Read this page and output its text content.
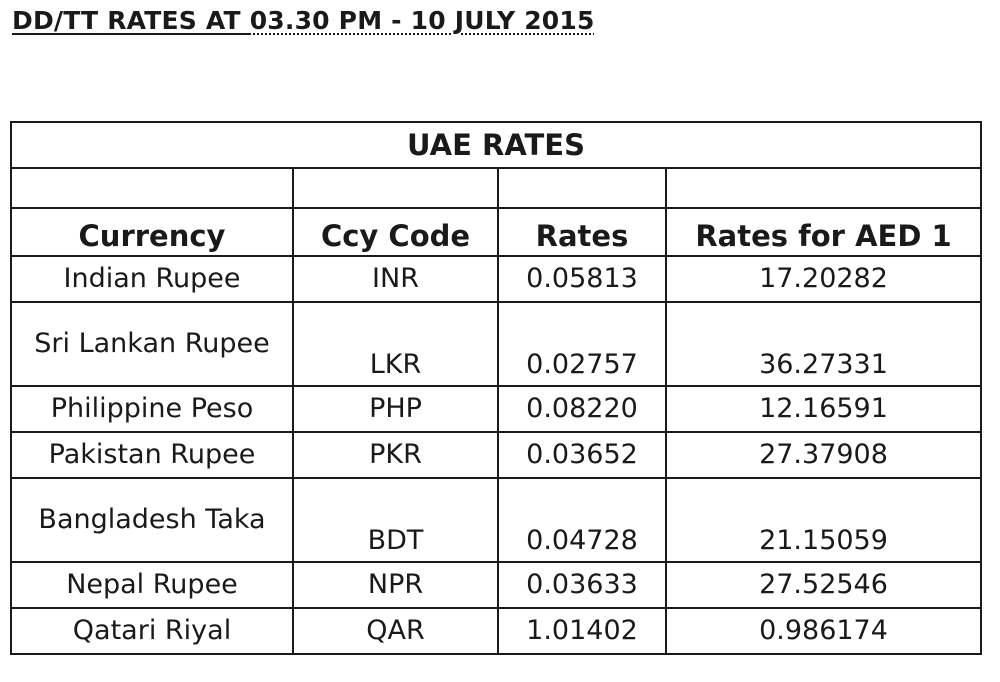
DD/TT RATES AT 03.30 PM - 10 JULY 2015
UAE RATES			

Currency	Ccy Code	Rates	Rates for AED 1
Indian Rupee	INR	0.05813	17.20282
Sri Lankan Rupee	LKR	0.02757	36.27331
Philippine Peso	PHP	0.08220	12.16591
Pakistan Rupee	PKR	0.03652	27.37908
Bangladesh Taka	BDT	0.04728	21.15059
Nepal Rupee	NPR	0.03633	27.52546
Qatari Riyal	QAR	1.01402	0.986174
